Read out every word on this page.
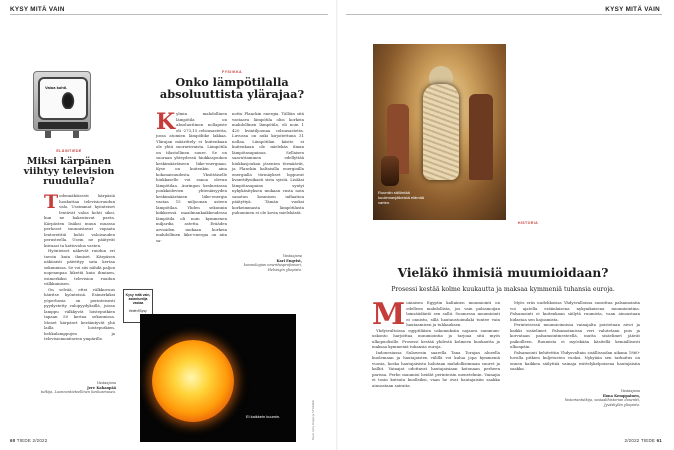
KYSY MITÄ VAIN	KYSY MITÄ VAIN
Valoa kohti.
ELÄINTIEDE
Miksi kärpänen viihtyy television ruudulla?
T odennäköisesti kärpäsiä houkuttaa televisioruudun valo. Useimmat hyönteiset lentävät valoa kohti siksi, kun ne hakeutuvat paeta. Kärpästen lisäksi muun muassa perhoset suunnistavat vapaata lentoreittiä kohti valoisuuden perusteella. Usein ne päätyvät kiivaasi ta kattovaloa vasten.

Hyönteiset näkevät ruudun eri tavoin kuin ihmiset. Kärpäsen näköaisti päivittyy sata kertaa sekunnissa. Se voi siis nähdä paljon nopeampaa liikettä kuin ihminen, esimerkiksi television ruudun välkkumisen.

On selvää, ettei välkkuvuus häiritse hyönteisiä. Esimerkiksi yöperhosia on perinteisesti pyydystetty valopyydyksillä, joissa lamppu välkkyvät loisteputkien tapaan 50 kertaa sekunnissa. Monet kärpäset kerääntyvät yhä lailla loisteputkien, hehkulamppujen ja televisiomonitorien ympärille.

Vastaajana
Jere Kahanpää
tutkija, Luonnontieteellinen keskusmuseo.
FYSIIKKA
Onko lämpötilalla absoluuttista ylärajaa?
K ylmin mahdollinen lämpötila on absoluuttinen nollapiste eli -273,15 celsiusastetta, jossa atomien lämpöliike lakkaa. Ylärajan määrittely ei kuitenkaan ole yhtä suoraviivaista. Lämpötila on tilastollinen suure. Se on suoraan yhteydessä hiukkasjoukon keskimääräiseen liike-energiaan. Kyse on kuitenkin aina kokonaisuudesta. Yksittäiselle hiukkaselle voi sanoa olevan lämpötilaa. Auringon keskustassa poukkoilevien yhtenäisyyden keskimääräinen liike-energia vastaa 15 miljoonan asteen lämpötilaa. Yhden sekunnin kiikkeessä maailmankaikkeudessa lämpötila oli noin kymmenen miljardia astetta. Erääden arvioiden mukaan korkein mahdollinen liike-energia on niin sa-

nottu Planckin energia. Tällöin sitä vastaava lämpötila olisi korkein mahdollinen lämpötila, eli noin 1 420 kvintiljoonaa celsiusastetta. Luvussa on auki kirjoitettuna 31 nollaa. Lämpötilan käsite ei kuitenkaan ole mielekäs ilman lämpötasapainoa. Sellaisen saavuttaminen edellyttää hiukkasjoukon jäsenten törmäävät, ja Planckin kaltaisilla energioilla energialla törmäykset loppuvat kvanttifysiikasti sista syistä. Lisäksi lämpötasapaino syntyi nykykäsityksen mukaan vasta noin sanotun kosmisen inflaation päätyttyä. Tämän vuoksi korkeimmasta lämpötilasta puhuminen ei ole kovin mielekästä.

Vastaajana
Kari Enqvist,
kosmologian emeritusprofessori, Helsingin yliopisto.
Kysy mitä vain, asiantuntija vastaa
tiede.fi/kysy
Ei kaikkein kuumin.	Kuvat: Getty Images ja NTS/Kaikki
Ruumiin säilöntää kuolemanjälkeistä elämää varten.
HISTORIA
Vieläkö ihmisiä muumioidaan?
Prosessi kestää kolme kuukautta ja maksaa kymmeniä tuhansia euroja.
M uinaisen Egyptin kaltainen muumiointi on edelleen mahdollista, jos vain palsamoijan lainsäädäntö sen sallii. Suomessa muumiointi ei onnistu, sillä hautaustoimilaki tuntee vain hautaamisen ja tuhkauksen.

Yhdysvaltoissa egyptiläisin uskomuksiin nojaava summum-uskonto harjoittaa muumiointia ja tarjoaa sitä myös ulkopuolisille. Prosessi kestää yhdestä kolmeen kuukautta ja maksaa kymmeniä tuhansia euroja.

Indonesiassa Sulawesin saarella Tana Torajan alueella kuolemaan ja hautajaisten välillä voi kulua jopa kymmeniä vuosia, koska hautajaisista halutaan mahdollisimman suuret ja kalliit. Vainajat odottavat hautajaisiaan kotonaan perheen parissa. Perhe muumioi heidät perinteisin menetelmin. Vainajia ei tosin kutsuta kuolleiksi, vaan he ovat hautajaisiin saakka ainoastaan sairaita.

Myös eräs uudehkoissa Yhdysvalloissa suosittua palsamointia voi ajatella eräänlaisena nykyaikaisena muumiointina. Palsamointi ei kuitenkaan säilytä ruumista, vaan ainoastaan hidastaa sen hajoamista.

Perinteisessä muumioinnissa vainajalta poistetaan aivot ja kaikki sisäelimet. Palsamoinnissa veri valutetaan pois ja korvataan palsamointinesteellä, mutta sisäelimet jäävät paikoilleen. Ruumista ei myöskään käsitellä kemiallisesti ulkoapäin.

Palsamointi kehitettiin Yhdysvaltain sisällissodan aikana 1860-luvulla pitkien kuljetusten vuoksi. Nykyään sen tarkoitus on ennen kaikkea säilyttää vainaja esittelykelpoisena hautajaisiin saakka.

Vastaajana
Ilona Kemppainen,
historiantutkija, sosiaalihistorian dosentti, Jyväskylän yliopisto.
60 TIEDE 2/2022	2/2022 TIEDE 61
